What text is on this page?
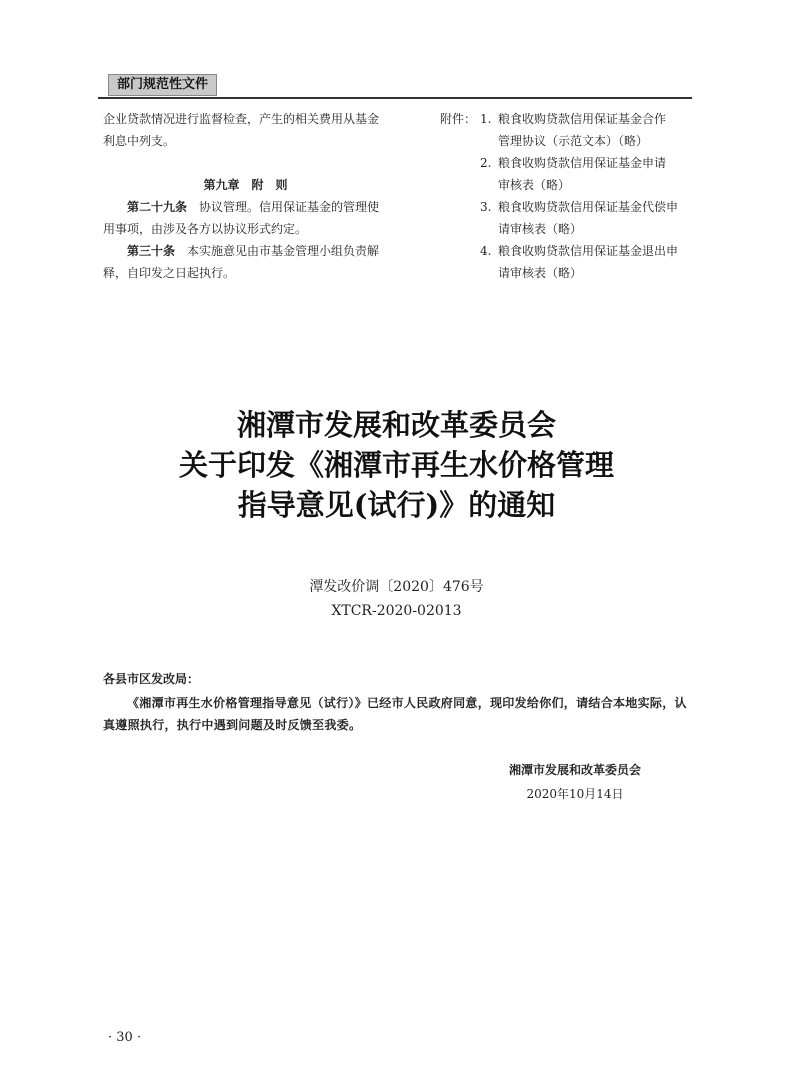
部门规范性文件

企业贷款情况进行监督检查，产生的相关费用从基金利息中列支。

第九章　附　则

第二十九条　 协议管理。信用保证基金的管理使用事项，由涉及各方以协议形式约定。

第三十条　 本实施意见由市基金管理小组负责解释，自印发之日起执行。

附件： 1. 粮食收购贷款信用保证基金合作
管理协议（示范文本）（略）
2. 粮食收购贷款信用保证基金申请
审核表（略）
3. 粮食收购贷款信用保证基金代偿申
请审核表（略）
4. 粮食收购贷款信用保证基金退出申
请审核表（略）
湘潭市发展和改革委员会
关于印发《湘潭市再生水价格管理
指导意见(试行)》的通知
潭发改价调〔2020〕476号
XTCR-2020-02013

各县市区发改局：

《湘潭市再生水价格管理指导意见（试行）》已经市人民政府同意，现印发给你们，请结合本地实际，认真遵照执行，执行中遇到问题及时反馈至我委。

湘潭市发展和改革委员会
2020年10月14日
· 30 ·
